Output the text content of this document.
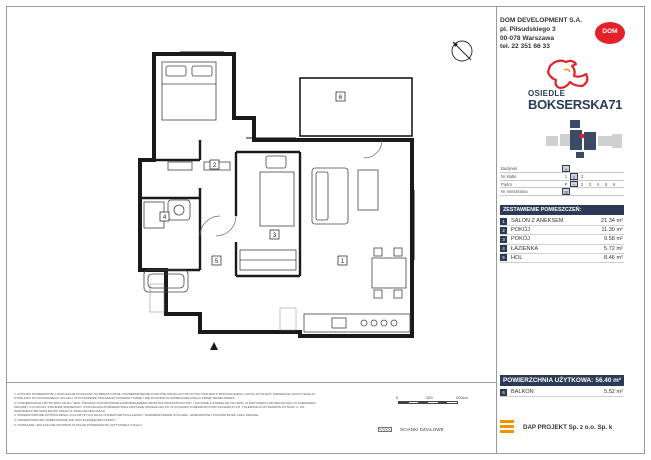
DOM DEVELOPMENT S.A.
pl. Piłsudskiego 3
00-078 Warszawa
tel. 22 351 66 33
DOM
OSIEDLE
BOKSERSKA71
Budynek	A
Nr klatki	1	2	3
Piętro	P	1	2	3	4	5	6
Nr mieszkania	38
ZESTAWIENIE POMIESZCZEŃ:
1	SALON Z ANEKSEM	21.34 m²
2	POKÓJ	11.30 m²
3	POKÓJ	9.58 m²
4	ŁAZIENKA	5.72 m²
5	HOL	8.46 m²
POWIERZCHNIA UŻYTKOWA: 56.40 m²
6	BALKON	5.52 m²
DAP PROJEKT Sp. z o.o. Sp. k

1. RYSUNKI POWIERZCHNI LOKALIZACJE POKAZANO SCHEMATYCZNIE. ROZMIESZCZENIE PUNKTÓW INSTALACYJNYCH WG PROJEKTU BUDOWLANEGO. MOGĄ WYSTĄPIĆ NIEWIELKIE ODCHYLENIA W STOSUNKU DO POKAZANEGO UKŁADU. WYPOSAŻENIE POKAZANO SCHEMATYCZNIE I NIE WCHODZI W ZAKRES REALIZACJI PRZEZ DEWELOPERA.

2. POWIERZCHNIA UŻYTKOWA LOKALU JEST PODANA NA PODSTAWIE ROZPORZĄDZENIA MINISTRA INFRASTRUKTURY I ZGODNIE Z NORMĄ PN-ISO 9836. W PRZYPADKU SZCZEGÓŁOWYCH ZAMIERZEŃ PROSIMY O KONTAKT Z BIUREM SPRZEDAŻY. OSTATECZNA POWIERZCHNIA ZOSTANIE OKREŚLONA PO WYKONANIU POMIARÓW POWYKONAWCZYCH. TOLERANCJA WYMIARÓW WYNOSI +/- 3%. ZASTRZEGA SIĘ MOŻLIWOŚĆ ZMIAN W TRAKCIE REALIZACJI.

3. PRZEDSTAWIONE WYKOŃCZENIA I KOLORYSTYKA MAJĄ CHARAKTER POGLĄDOWY. ROZMIESZCZENIE STOLARKI, GRZEJNIKÓW I PIONÓW MOŻE ULEC ZMIANIE.

4. PRZEDSTAWIONE UMEBLOWANIE NIE JEST ELEMENTEM OFERTY.

5. PODDASZE / BALKON NIE WCHODZI W SKŁAD POWIERZCHNI UŻYTKOWEJ LOKALU.

0	100	200cm
ŚCIANKI DZIAŁOWE
2
3
4
5	1
6
